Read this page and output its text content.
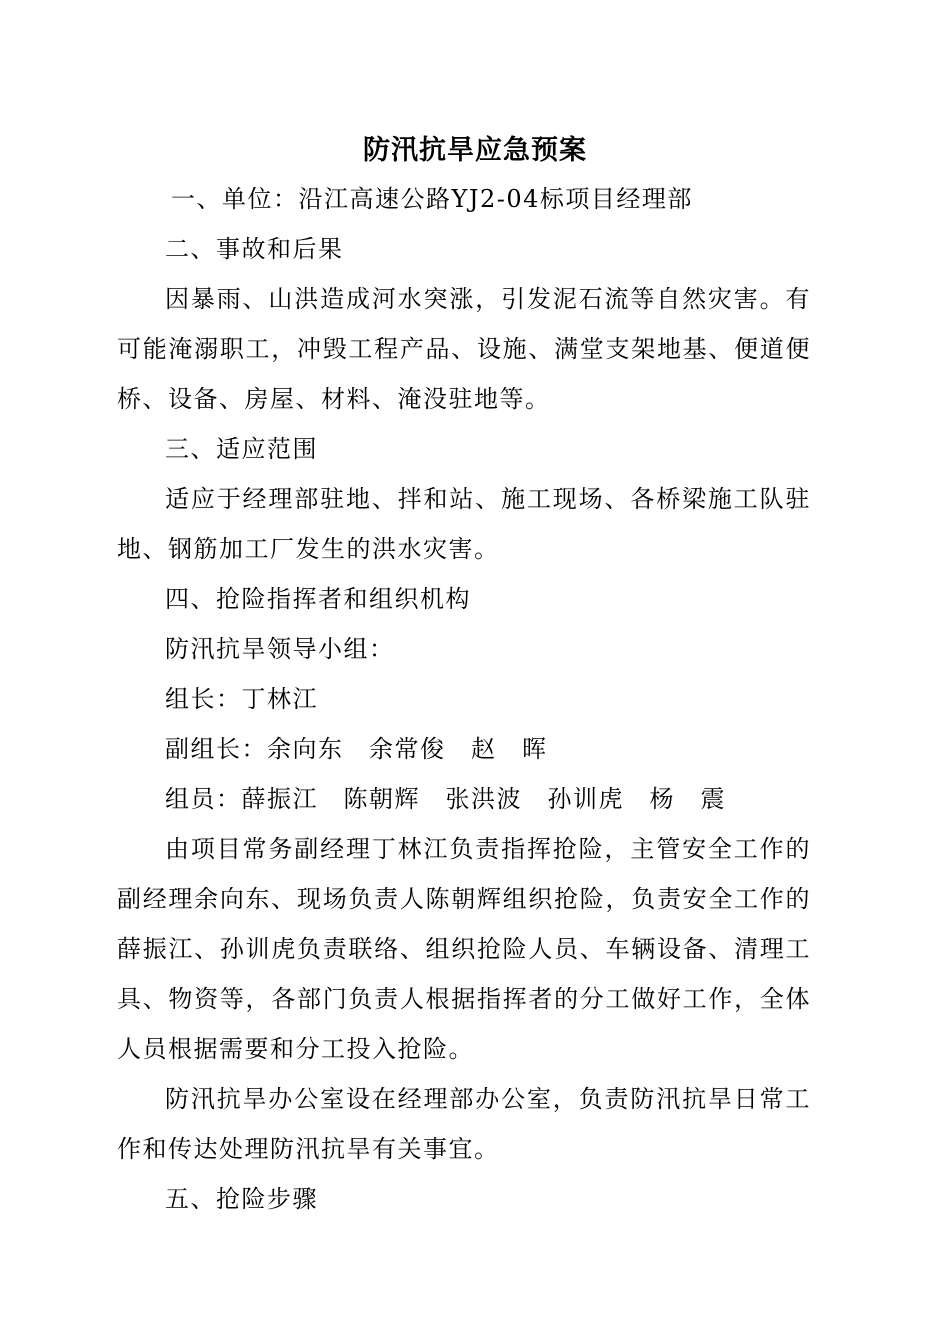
防汛抗旱应急预案

一、单位：沿江高速公路YJ2-04标项目经理部

二、事故和后果

因暴雨、山洪造成河水突涨，引发泥石流等自然灾害。有可能淹溺职工，冲毁工程产品、设施、满堂支架地基、便道便桥、设备、房屋、材料、淹没驻地等。

三、适应范围

适应于经理部驻地、拌和站、施工现场、各桥梁施工队驻地、钢筋加工厂发生的洪水灾害。

四、抢险指挥者和组织机构

防汛抗旱领导小组：

组长：丁林江

副组长：余向东　余常俊　赵　晖

组员：薛振江　陈朝辉　张洪波　孙训虎　杨　震

由项目常务副经理丁林江负责指挥抢险，主管安全工作的副经理余向东、现场负责人陈朝辉组织抢险，负责安全工作的薛振江、孙训虎负责联络、组织抢险人员、车辆设备、清理工具、物资等，各部门负责人根据指挥者的分工做好工作，全体人员根据需要和分工投入抢险。

防汛抗旱办公室设在经理部办公室，负责防汛抗旱日常工作和传达处理防汛抗旱有关事宜。

五、抢险步骤
